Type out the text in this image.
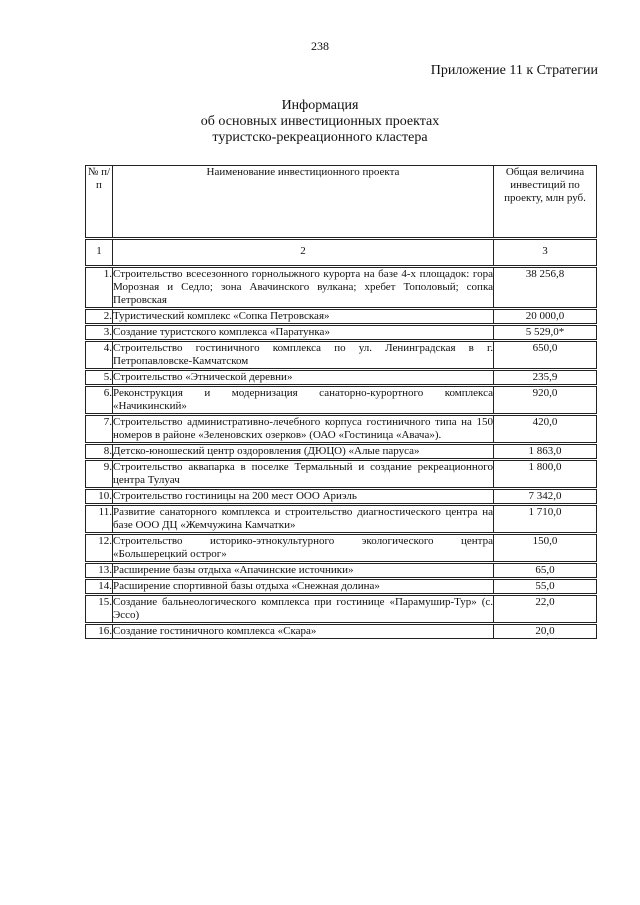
238
Приложение 11 к Стратегии
Информация
об основных инвестиционных проектах
туристско-рекреационного кластера
№ п/п	Наименование инвестиционного проекта	Общая величина инвестиций по проекту, млн руб.
1	2	3
1.	Строительство всесезонного горнолыжного курорта на базе 4-х площадок: гора Морозная и Седло; зона Авачинского вулкана; хребет Тополовый; сопка Петровская	38 256,8
2.	Туристический комплекс «Сопка Петровская»	20 000,0
3.	Создание туристского комплекса «Паратунка»	5 529,0*
4.	Строительство гостиничного комплекса по ул. Ленинградская в г. Петропавловске-Камчатском	650,0
5.	Строительство «Этнической деревни»	235,9
6.	Реконструкция и модернизация санаторно-курортного комплекса «Начикинский»	920,0
7.	Строительство административно-лечебного корпуса гостиничного типа на 150 номеров в районе «Зеленовских озерков» (ОАО «Гостиница «Авача»).	420,0
8.	Детско-юношеский центр оздоровления (ДЮЦО) «Алые паруса»	1 863,0
9.	Строительство аквапарка в поселке Термальный и создание рекреационного центра Тулуач	1 800,0
10.	Строительство гостиницы на 200 мест ООО Ариэль	7 342,0
11.	Развитие санаторного комплекса и строительство диагностического центра на базе ООО ДЦ «Жемчужина Камчатки»	1 710,0
12.	Строительство историко-этнокультурного экологического центра «Большерецкий острог»	150,0
13.	Расширение базы отдыха «Апачинские источники»	65,0
14.	Расширение спортивной базы отдыха «Снежная долина»	55,0
15.	Создание бальнеологического комплекса при гостинице «Парамушир-Тур» (с. Эссо)	22,0
16.	Создание гостиничного комплекса «Скара»	20,0
